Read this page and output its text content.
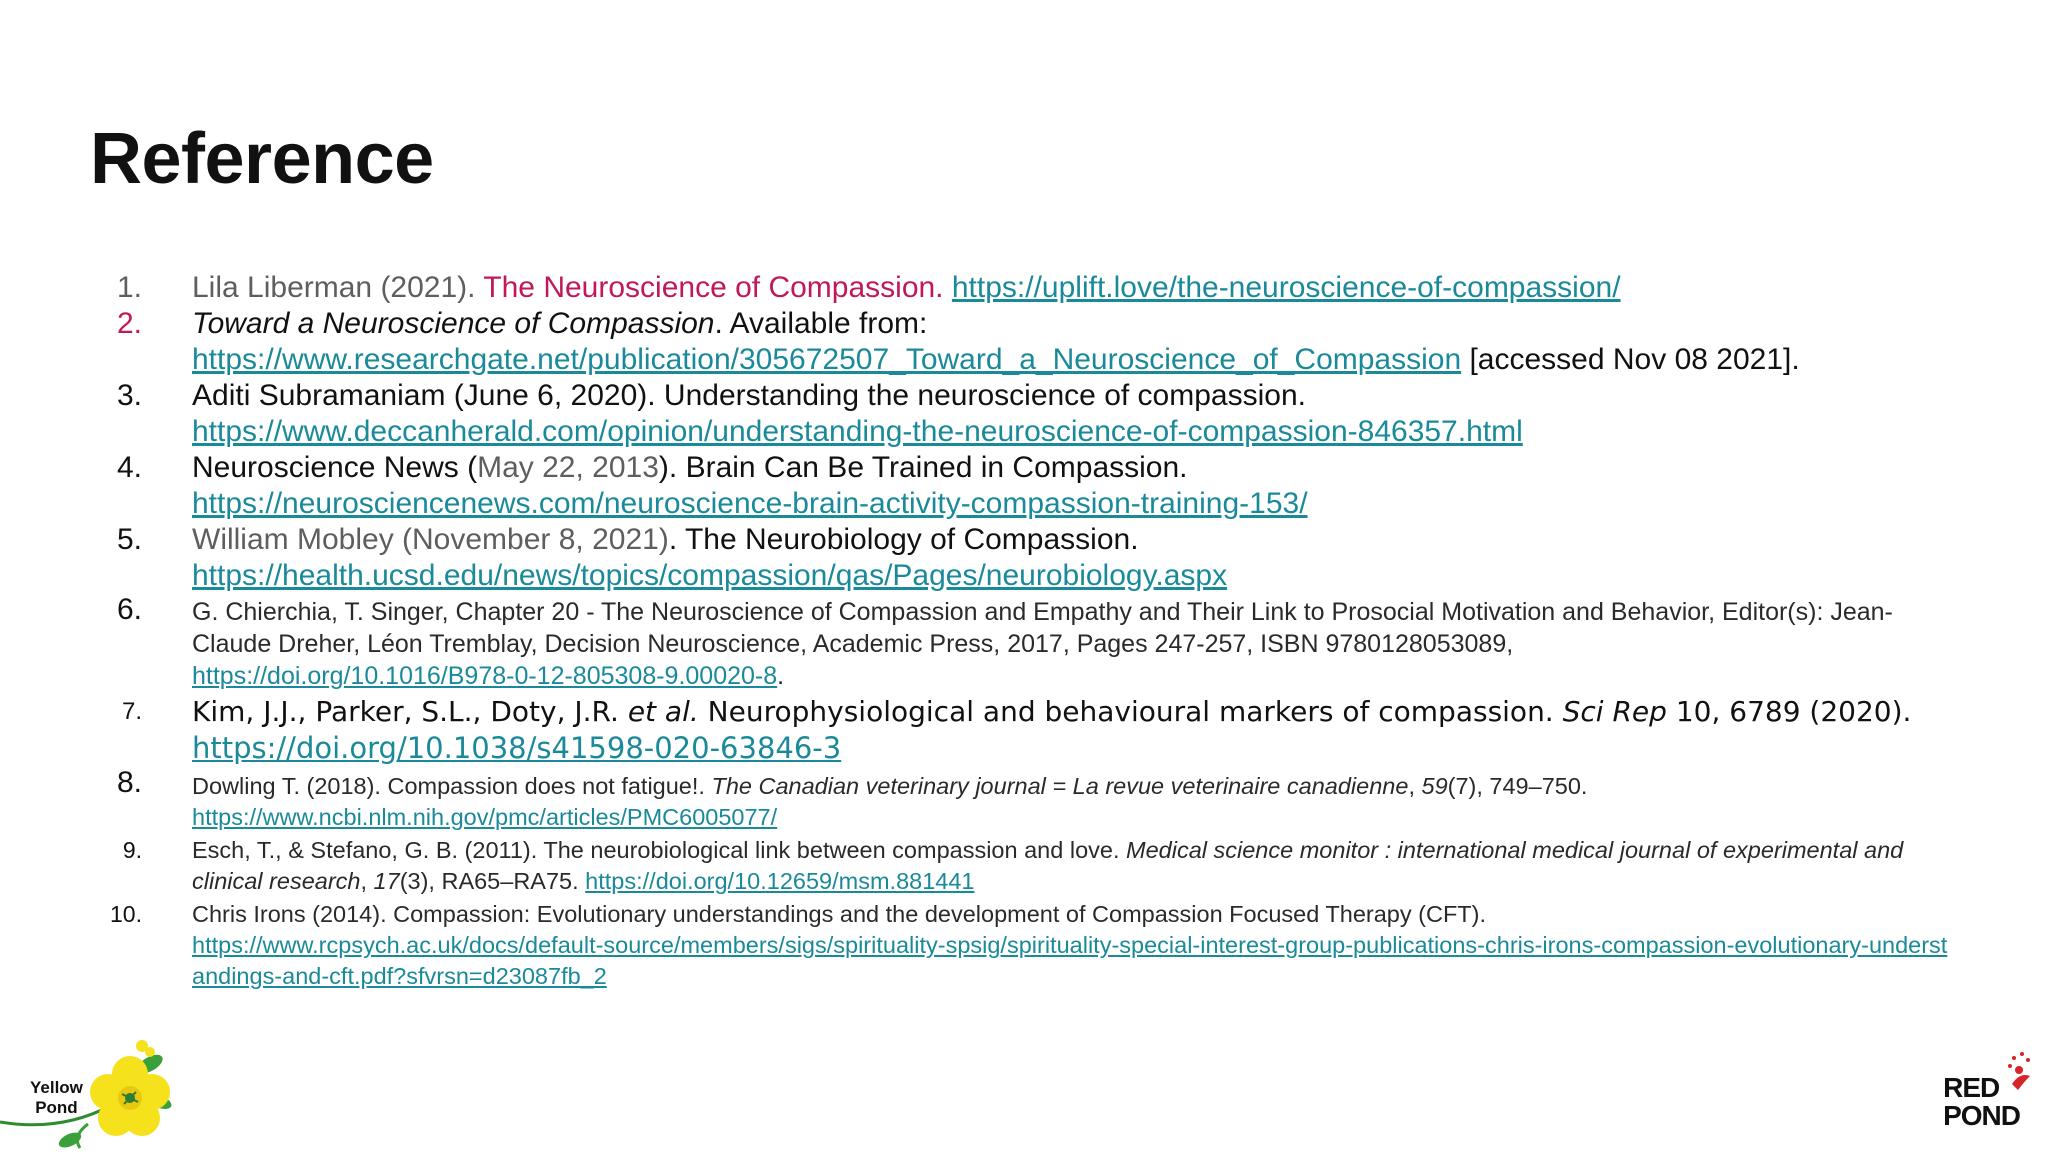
Reference
1. Lila Liberman (2021). The Neuroscience of Compassion. https://uplift.love/the-neuroscience-of-compassion/
2. Toward a Neuroscience of Compassion. Available from:
https://www.researchgate.net/publication/305672507_Toward_a_Neuroscience_of_Compassion [accessed Nov 08 2021].
3. Aditi Subramaniam (June 6, 2020). Understanding the neuroscience of compassion.
https://www.deccanherald.com/opinion/understanding-the-neuroscience-of-compassion-846357.html
4. Neuroscience News (May 22, 2013). Brain Can Be Trained in Compassion.
https://neurosciencenews.com/neuroscience-brain-activity-compassion-training-153/
5. William Mobley (November 8, 2021). The Neurobiology of Compassion.
https://health.ucsd.edu/news/topics/compassion/qas/Pages/neurobiology.aspx
6. G. Chierchia, T. Singer, Chapter 20 - The Neuroscience of Compassion and Empathy and Their Link to Prosocial Motivation and Behavior, Editor(s): Jean-Claude Dreher, Léon Tremblay, Decision Neuroscience, Academic Press, 2017, Pages 247-257, ISBN 9780128053089,
https://doi.org/10.1016/B978-0-12-805308-9.00020-8.
7. Kim, J.J., Parker, S.L., Doty, J.R. et al. Neurophysiological and behavioural markers of compassion. Sci Rep 10, 6789 (2020).
https://doi.org/10.1038/s41598-020-63846-3
8. Dowling T. (2018). Compassion does not fatigue!. The Canadian veterinary journal = La revue veterinaire canadienne, 59(7), 749–750.
https://www.ncbi.nlm.nih.gov/pmc/articles/PMC6005077/
9. Esch, T., & Stefano, G. B. (2011). The neurobiological link between compassion and love. Medical science monitor : international medical journal of experimental and clinical research, 17(3), RA65–RA75. https://doi.org/10.12659/msm.881441
10. Chris Irons (2014). Compassion: Evolutionary understandings and the development of Compassion Focused Therapy (CFT).
https://www.rcpsych.ac.uk/docs/default-source/members/sigs/spirituality-spsig/spirituality-special-interest-group-publications-chris-irons-compassion-evolutionary-understandings-and-cft.pdf?sfvrsn=d23087fb_2
Yellow
Pond
RED
POND
